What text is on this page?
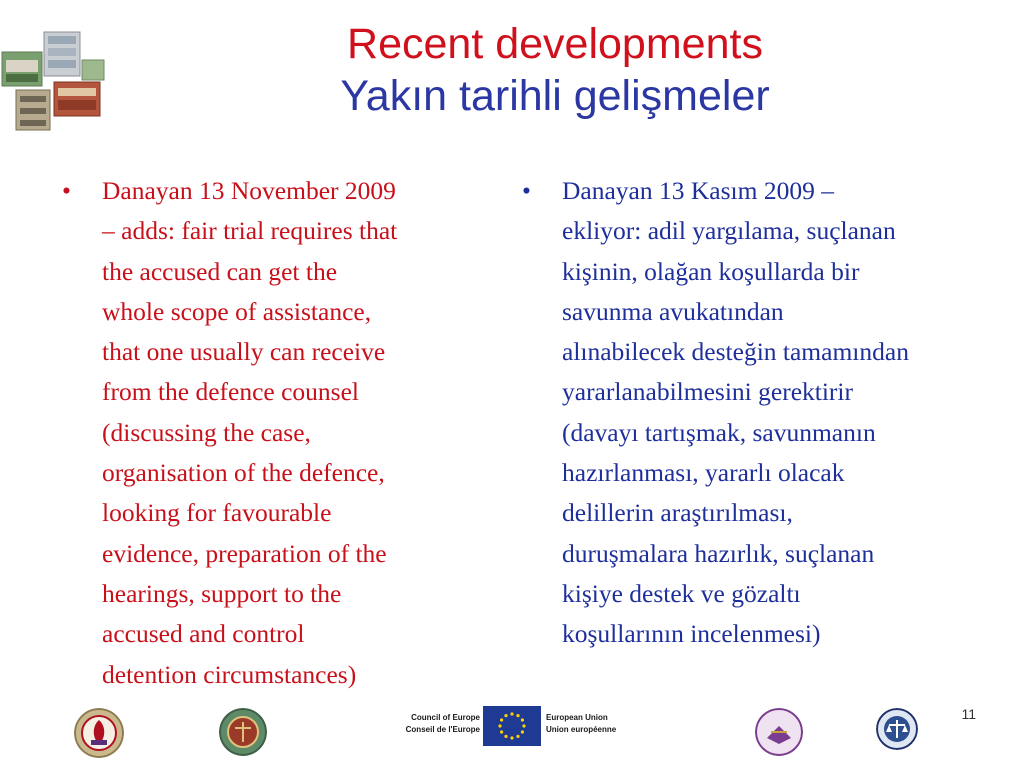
Recent developments
Yakın tarihli gelişmeler
• Danayan 13 November 2009
– adds: fair trial requires that
the accused can get the
whole scope of assistance,
that one usually can receive
from the defence counsel
(discussing the case,
organisation of the defence,
looking for favourable
evidence, preparation of the
hearings, support to the
accused and control
detention circumstances)
• Danayan 13 Kasım 2009 –
ekliyor: adil yargılama, suçlanan
kişinin, olağan koşullarda bir
savunma avukatından
alınabilecek desteğin tamamından
yararlanabilmesini gerektirir
(davayı tartışmak, savunmanın
hazırlanması, yararlı olacak
delillerin araştırılması,
duruşmalara hazırlık, suçlanan
kişiye destek ve gözaltı
koşullarının incelenmesi)
Council of Europe
Conseil de l'Europe
European Union
Union européenne
11
